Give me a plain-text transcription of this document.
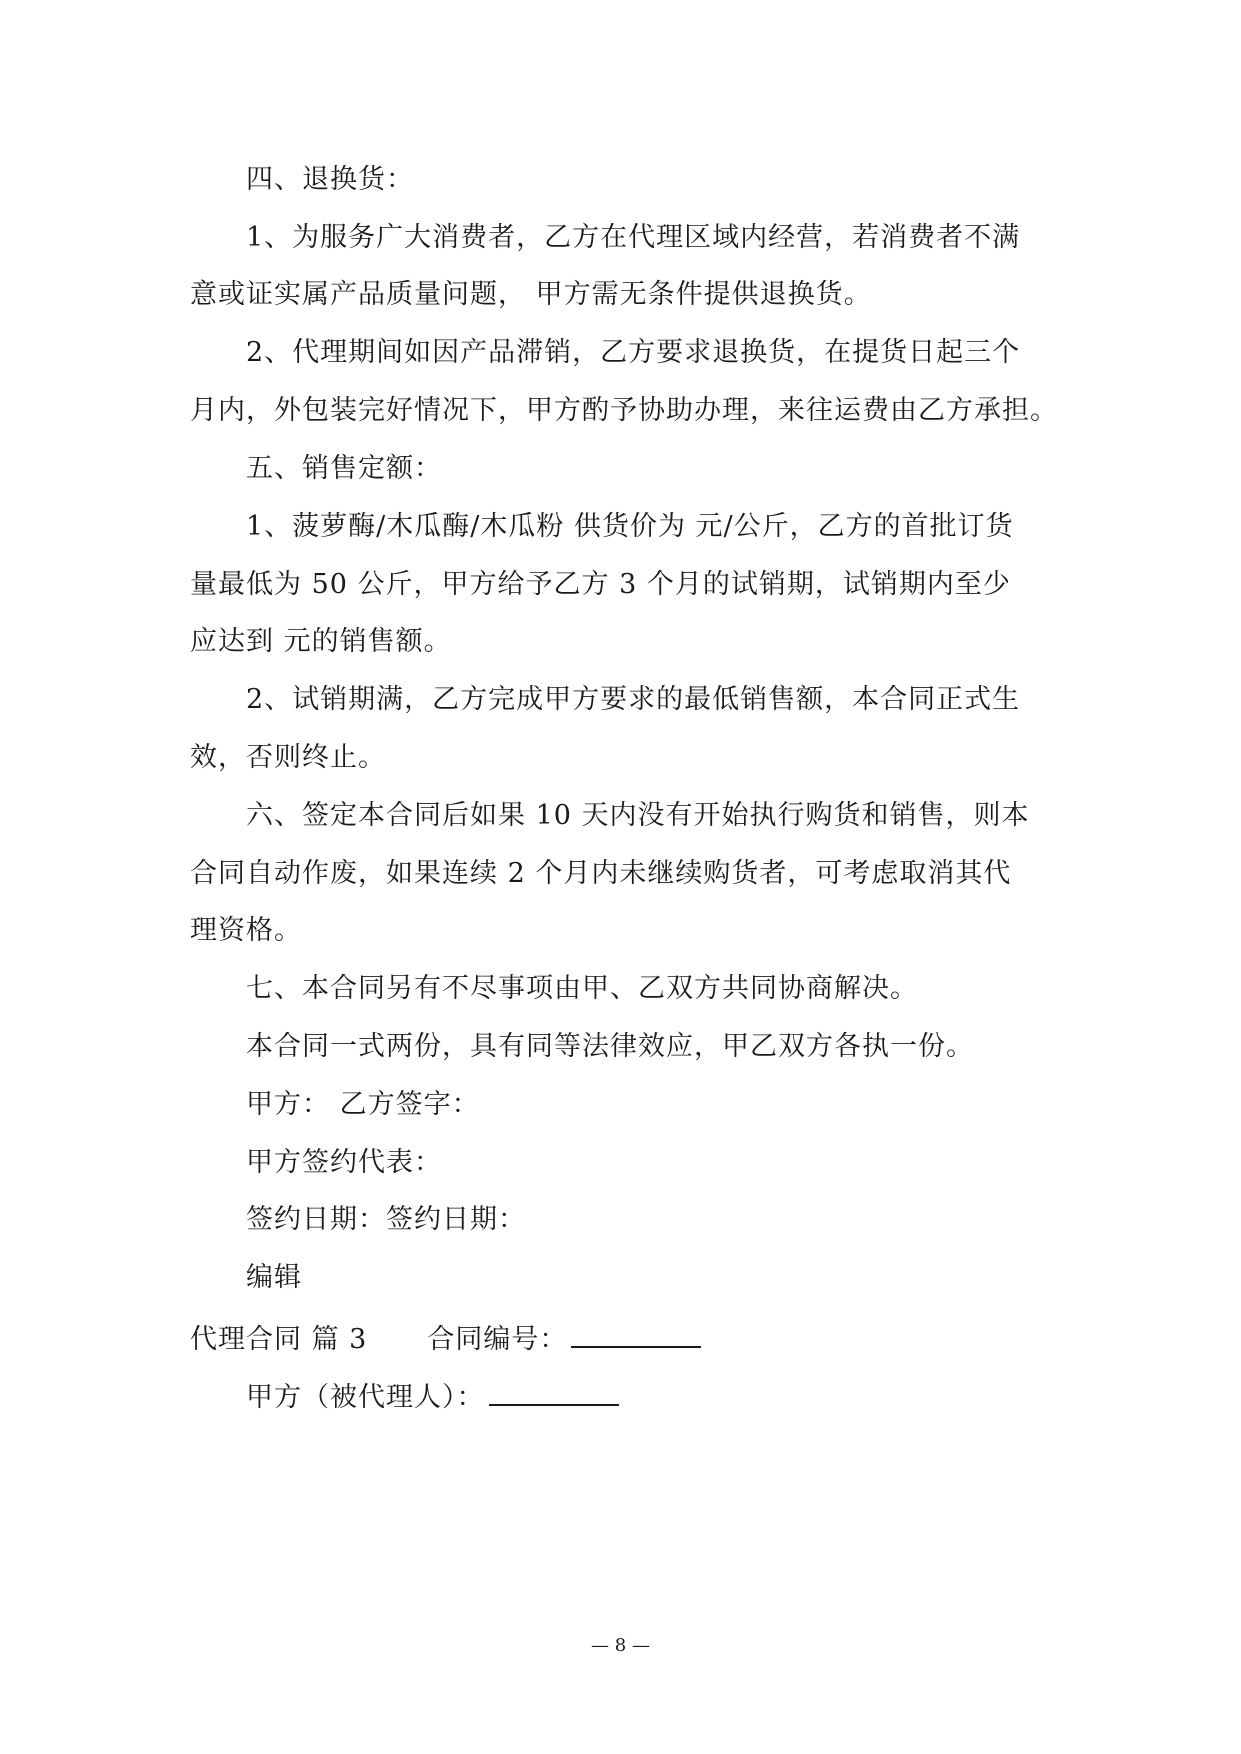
四、退换货：
1、为服务广大消费者，乙方在代理区域内经营，若消费者不满
意或证实属产品质量问题， 甲方需无条件提供退换货。
2、代理期间如因产品滞销，乙方要求退换货，在提货日起三个
月内，外包装完好情况下，甲方酌予协助办理，来往运费由乙方承担。
五、销售定额：
1、菠萝酶/木瓜酶/木瓜粉 供货价为 元/公斤，乙方的首批订货
量最低为 50 公斤，甲方给予乙方 3 个月的试销期，试销期内至少
应达到 元的销售额。
2、试销期满，乙方完成甲方要求的最低销售额，本合同正式生
效，否则终止。
六、签定本合同后如果 10 天内没有开始执行购货和销售，则本
合同自动作废，如果连续 2 个月内未继续购货者，可考虑取消其代
理资格。
七、本合同另有不尽事项由甲、乙双方共同协商解决。
本合同一式两份，具有同等法律效应，甲乙双方各执一份。
甲方： 乙方签字：
甲方签约代表：
签约日期：签约日期：
编辑
代理合同 篇 3 合同编号：
甲方（被代理人）：
— 8 —
